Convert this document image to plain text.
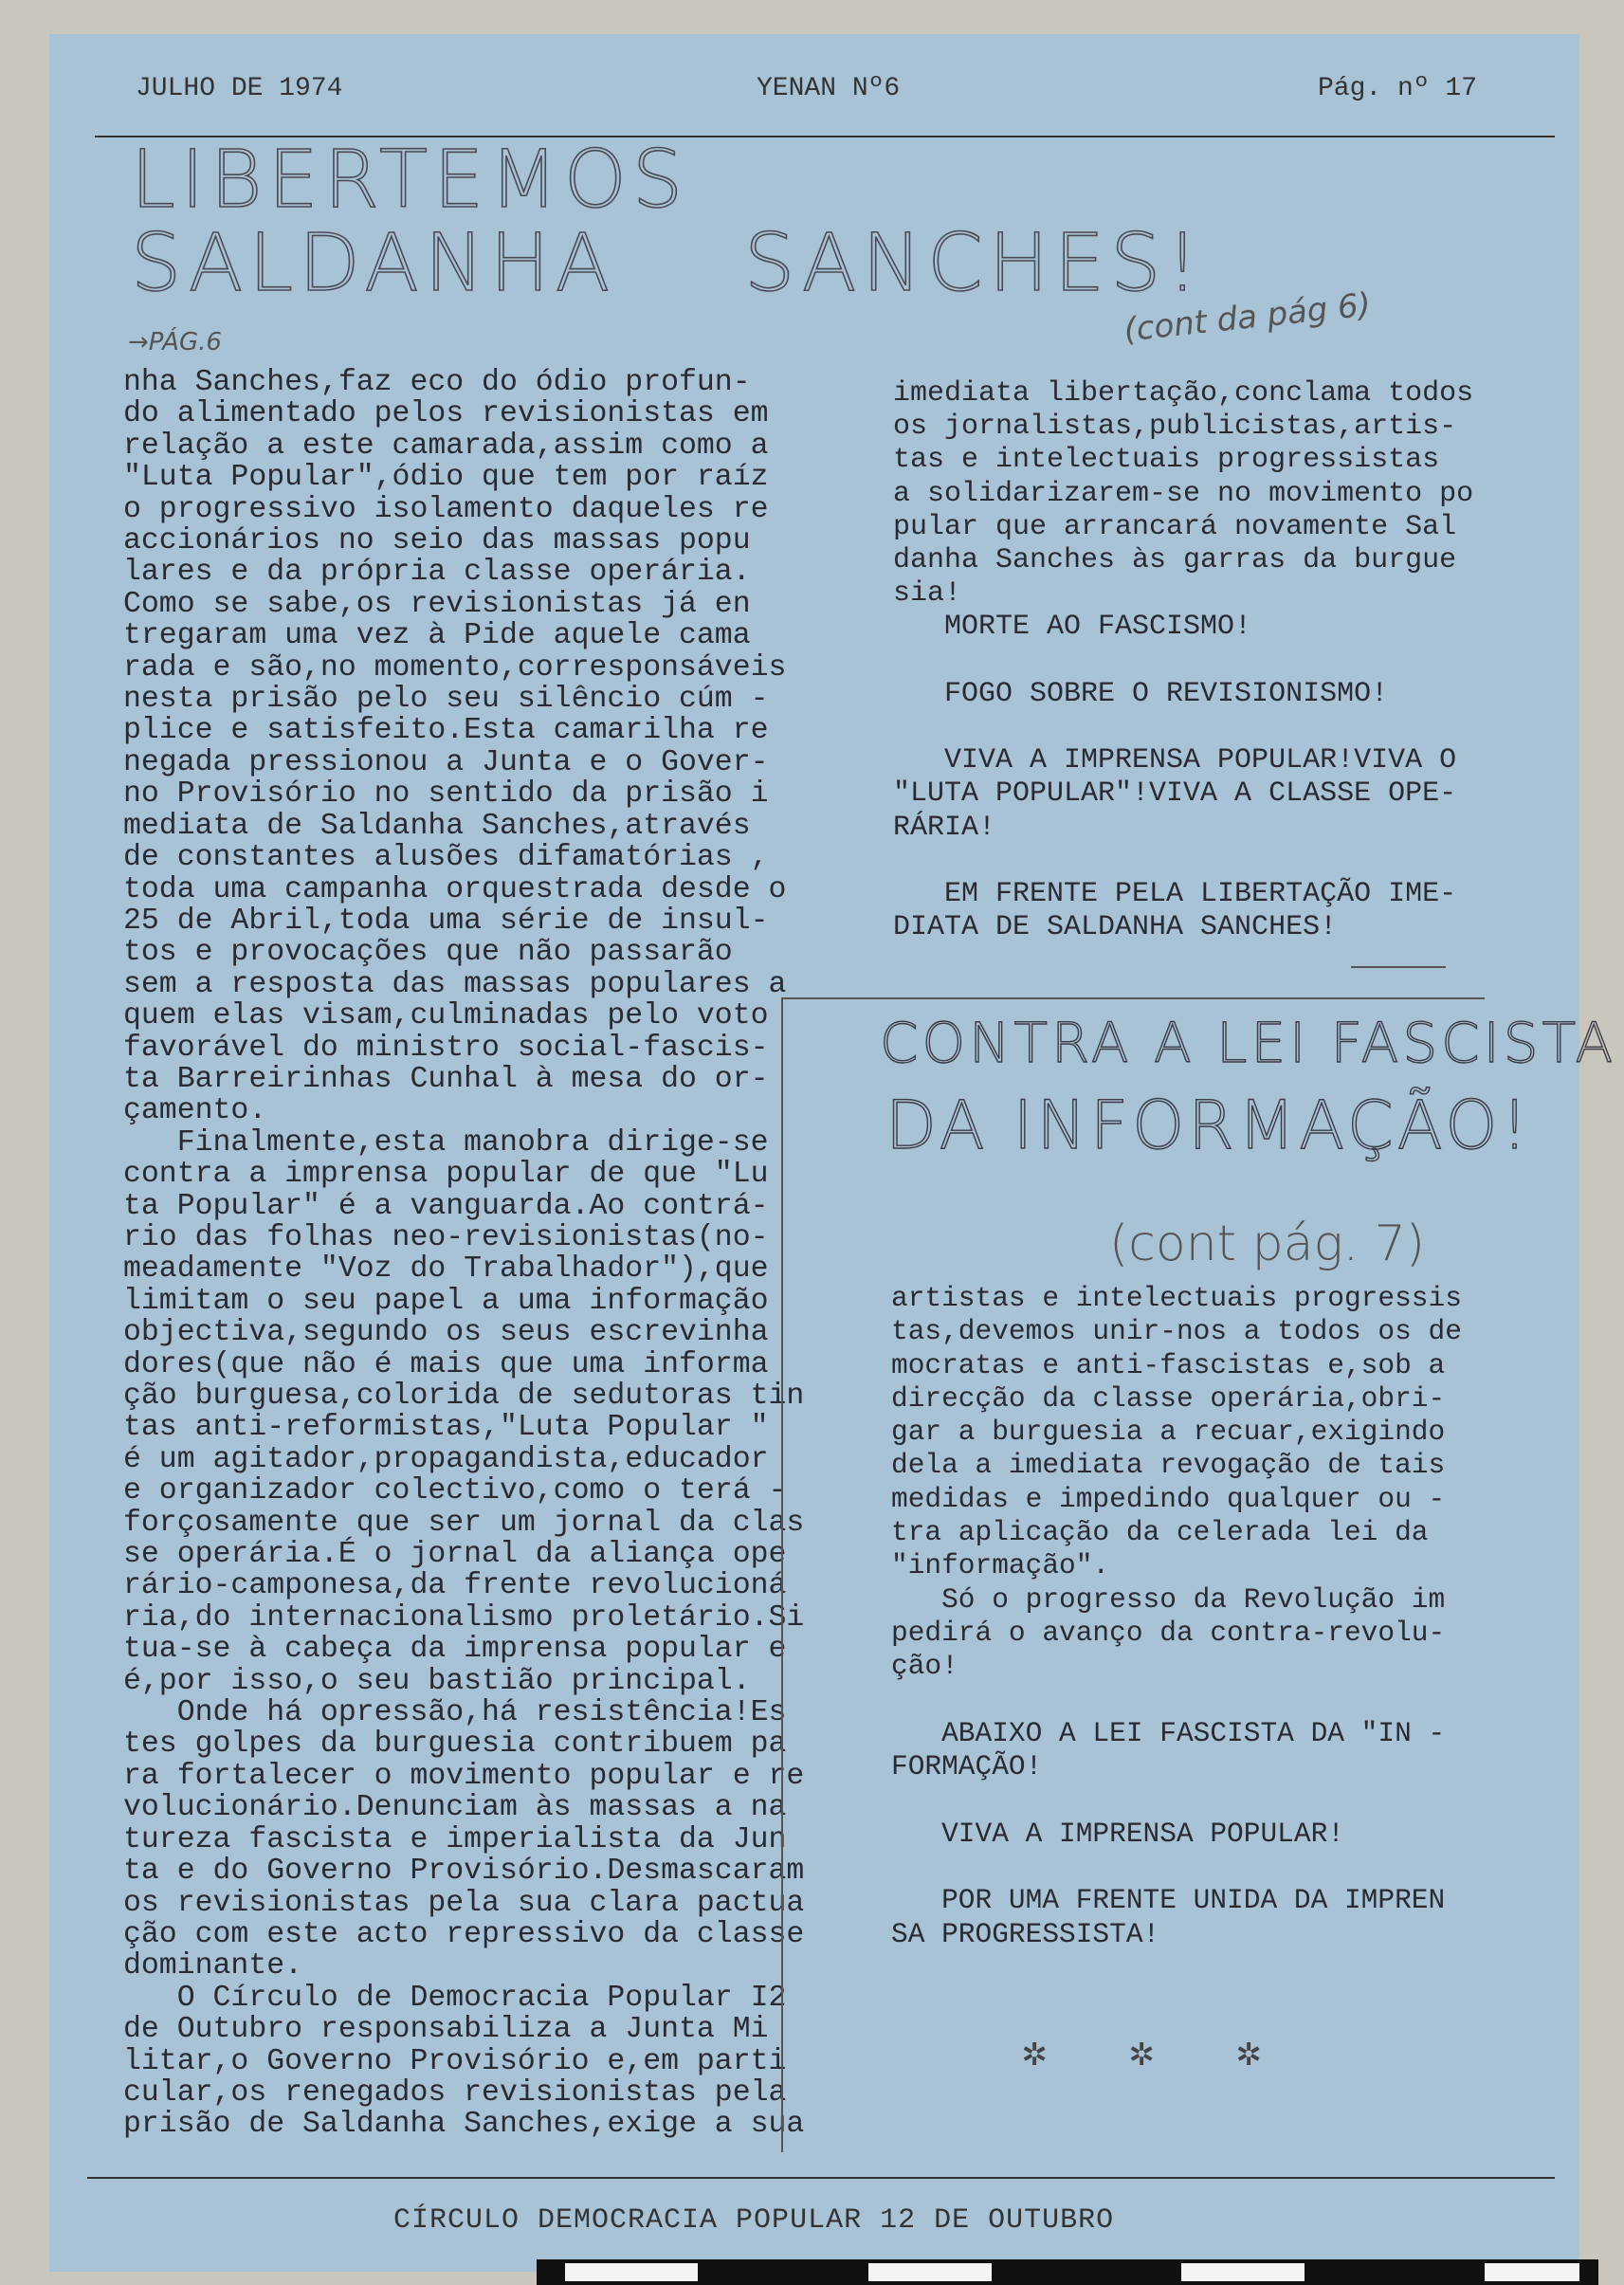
JULHO DE 1974	YENAN Nº6	Pág. nº 17
LIBERTEMOS
SALDANHA SANCHES!
(cont da pág 6)
→PÁG.6

nha Sanches,faz eco do ódio profun-

do alimentado pelos revisionistas em

relação a este camarada,assim como a

"Luta Popular",ódio que tem por raíz

o progressivo isolamento daqueles re

accionários no seio das massas popu

lares e da própria classe operária.

Como se sabe,os revisionistas já en

tregaram uma vez à Pide aquele cama

rada e são,no momento,corresponsáveis

nesta prisão pelo seu silêncio cúm -

plice e satisfeito.Esta camarilha re

negada pressionou a Junta e o Gover-

no Provisório no sentido da prisão i

mediata de Saldanha Sanches,através

de constantes alusões difamatórias ,

toda uma campanha orquestrada desde o

25 de Abril,toda uma série de insul-

tos e provocações que não passarão

sem a resposta das massas populares a

quem elas visam,culminadas pelo voto

favorável do ministro social-fascis-

ta Barreirinhas Cunhal à mesa do or-

çamento.

Finalmente,esta manobra dirige-se

contra a imprensa popular de que "Lu

ta Popular" é a vanguarda.Ao contrá-

rio das folhas neo-revisionistas(no-

meadamente "Voz do Trabalhador"),que

limitam o seu papel a uma informação

objectiva,segundo os seus escrevinha

dores(que não é mais que uma informa

ção burguesa,colorida de sedutoras tin

tas anti-reformistas,"Luta Popular "

é um agitador,propagandista,educador

e organizador colectivo,como o terá -

forçosamente que ser um jornal da clas

se operária.É o jornal da aliança ope

rário-camponesa,da frente revolucioná

ria,do internacionalismo proletário.Si

tua-se à cabeça da imprensa popular e

é,por isso,o seu bastião principal.

Onde há opressão,há resistência!Es

tes golpes da burguesia contribuem pa

ra fortalecer o movimento popular e re

volucionário.Denunciam às massas a na

tureza fascista e imperialista da Jun

ta e do Governo Provisório.Desmascaram

os revisionistas pela sua clara pactua

ção com este acto repressivo da classe

dominante.

O Círculo de Democracia Popular I2

de Outubro responsabiliza a Junta Mi

litar,o Governo Provisório e,em parti

cular,os renegados revisionistas pela

prisão de Saldanha Sanches,exige a sua

imediata libertação,conclama todos

os jornalistas,publicistas,artis-

tas e intelectuais progressistas

a solidarizarem-se no movimento po

pular que arrancará novamente Sal

danha Sanches às garras da burgue

sia!

MORTE AO FASCISMO!

FOGO SOBRE O REVISIONISMO!

VIVA A IMPRENSA POPULAR!VIVA O

"LUTA POPULAR"!VIVA A CLASSE OPE-

RÁRIA!

EM FRENTE PELA LIBERTAÇÃO IME-

DIATA DE SALDANHA SANCHES!

CONTRA A LEI FASCISTA
DA INFORMAÇÃO!
(cont pág. 7)

artistas e intelectuais progressis

tas,devemos unir-nos a todos os de

mocratas e anti-fascistas e,sob a

direcção da classe operária,obri-

gar a burguesia a recuar,exigindo

dela a imediata revogação de tais

medidas e impedindo qualquer ou -

tra aplicação da celerada lei da

"informação".

Só o progresso da Revolução im

pedirá o avanço da contra-revolu-

ção!

ABAIXO A LEI FASCISTA DA "IN -

FORMAÇÃO!

VIVA A IMPRENSA POPULAR!

POR UMA FRENTE UNIDA DA IMPREN

SA PROGRESSISTA!

✲ ✲ ✲
CÍRCULO DEMOCRACIA POPULAR 12 DE OUTUBRO
